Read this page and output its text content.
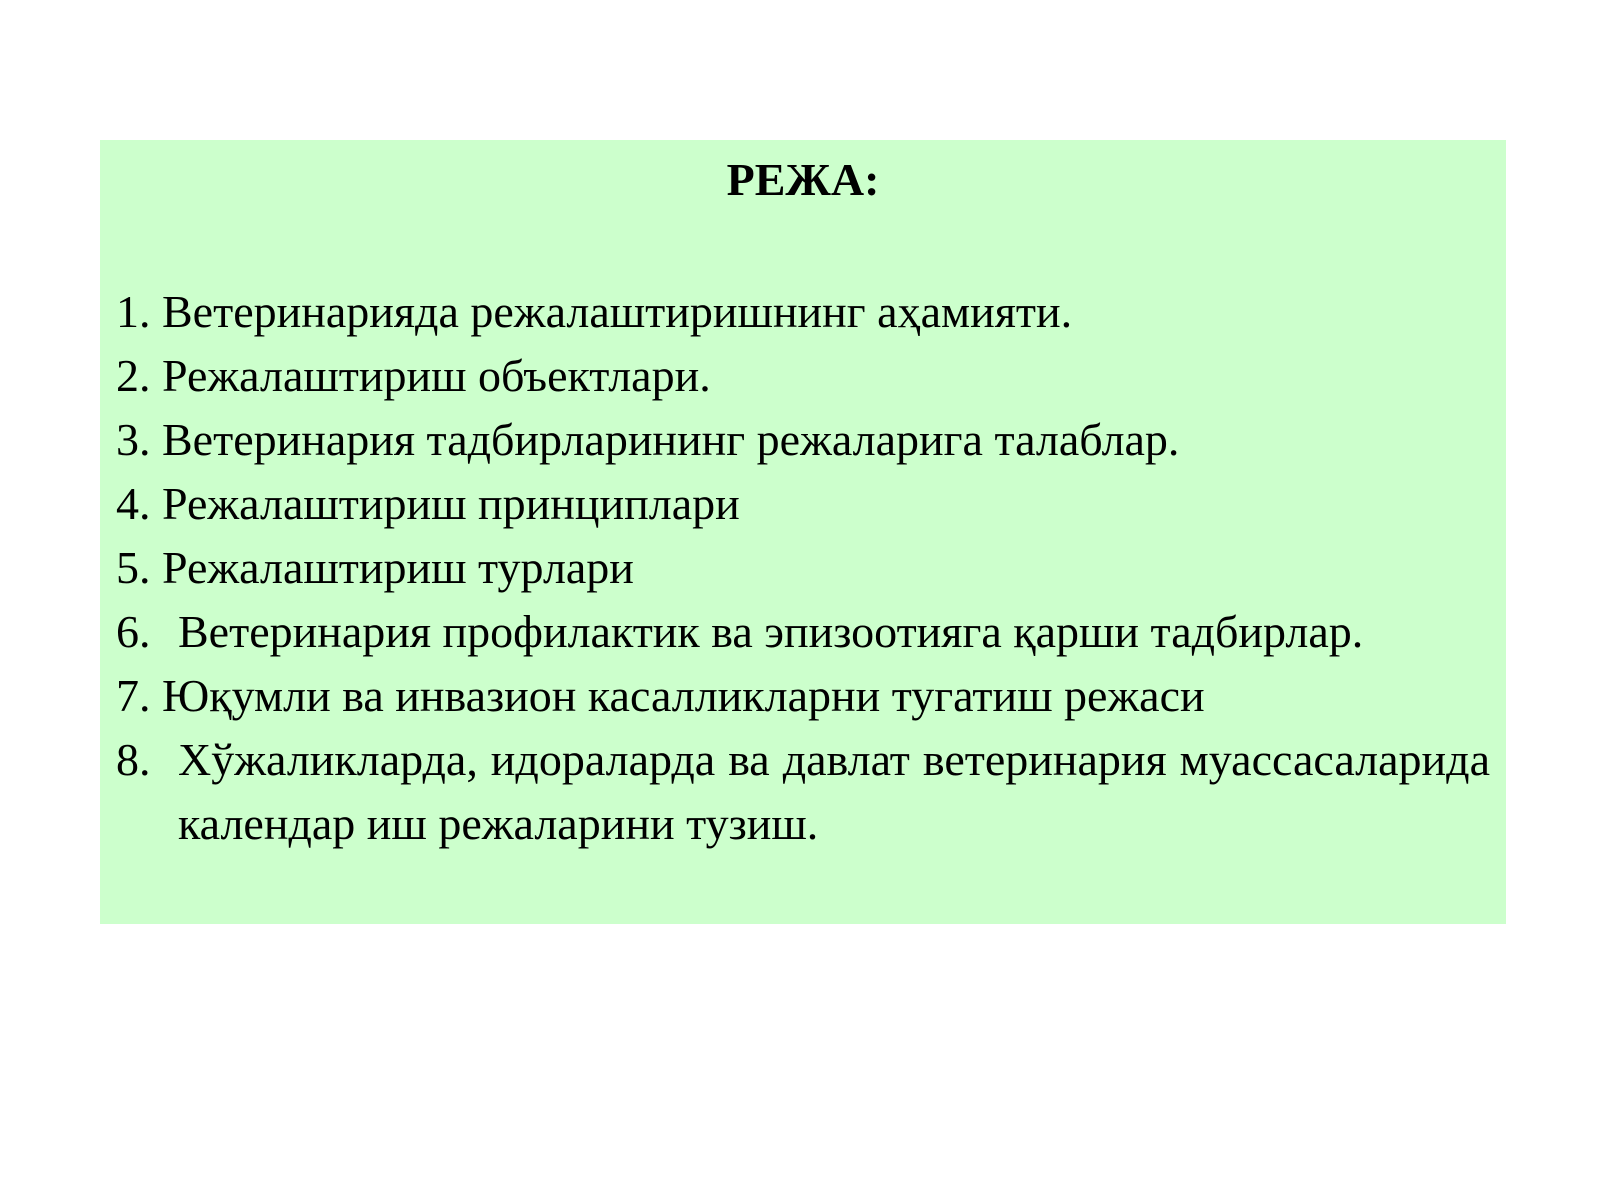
РЕЖА:
1. Ветеринарияда режалаштиришнинг аҳамияти.
2. Режалаштириш объектлари.
3. Ветеринария тадбирларининг режаларига талаблар.
4. Режалаштириш принциплари
5. Режалаштириш турлари
6. Ветеринария профилактик ва эпизоотияга қарши тадбирлар.
7. Юқумли ва инвазион касалликларни тугатиш режаси
8. Хўжаликларда, идораларда ва давлат ветеринария муассасаларида календар иш режаларини тузиш.
